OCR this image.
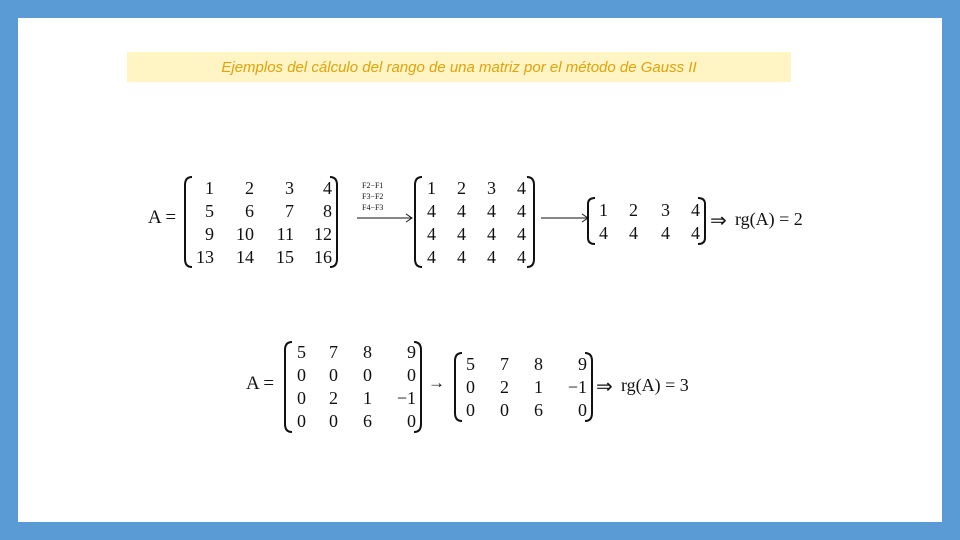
Ejemplos del cálculo del rango de una matriz por el método de Gauss II
A =
1
5
9
13
2
6
10
14
3
7
11
15
4
8
12
16
F2−F1
F3−F2
F4−F3
1
4
4
4
2
4
4
4
3
4
4
4
4
4
4
4
1
4
2
4
3
4
4
4
⇒ rg(A) = 2
A =
5
0
0
0
7
0
2
0
8
0
1
6
9
0
−1
0
→
5
0
0
7
2
0
8
1
6
9
−1
0
⇒ rg(A) = 3
